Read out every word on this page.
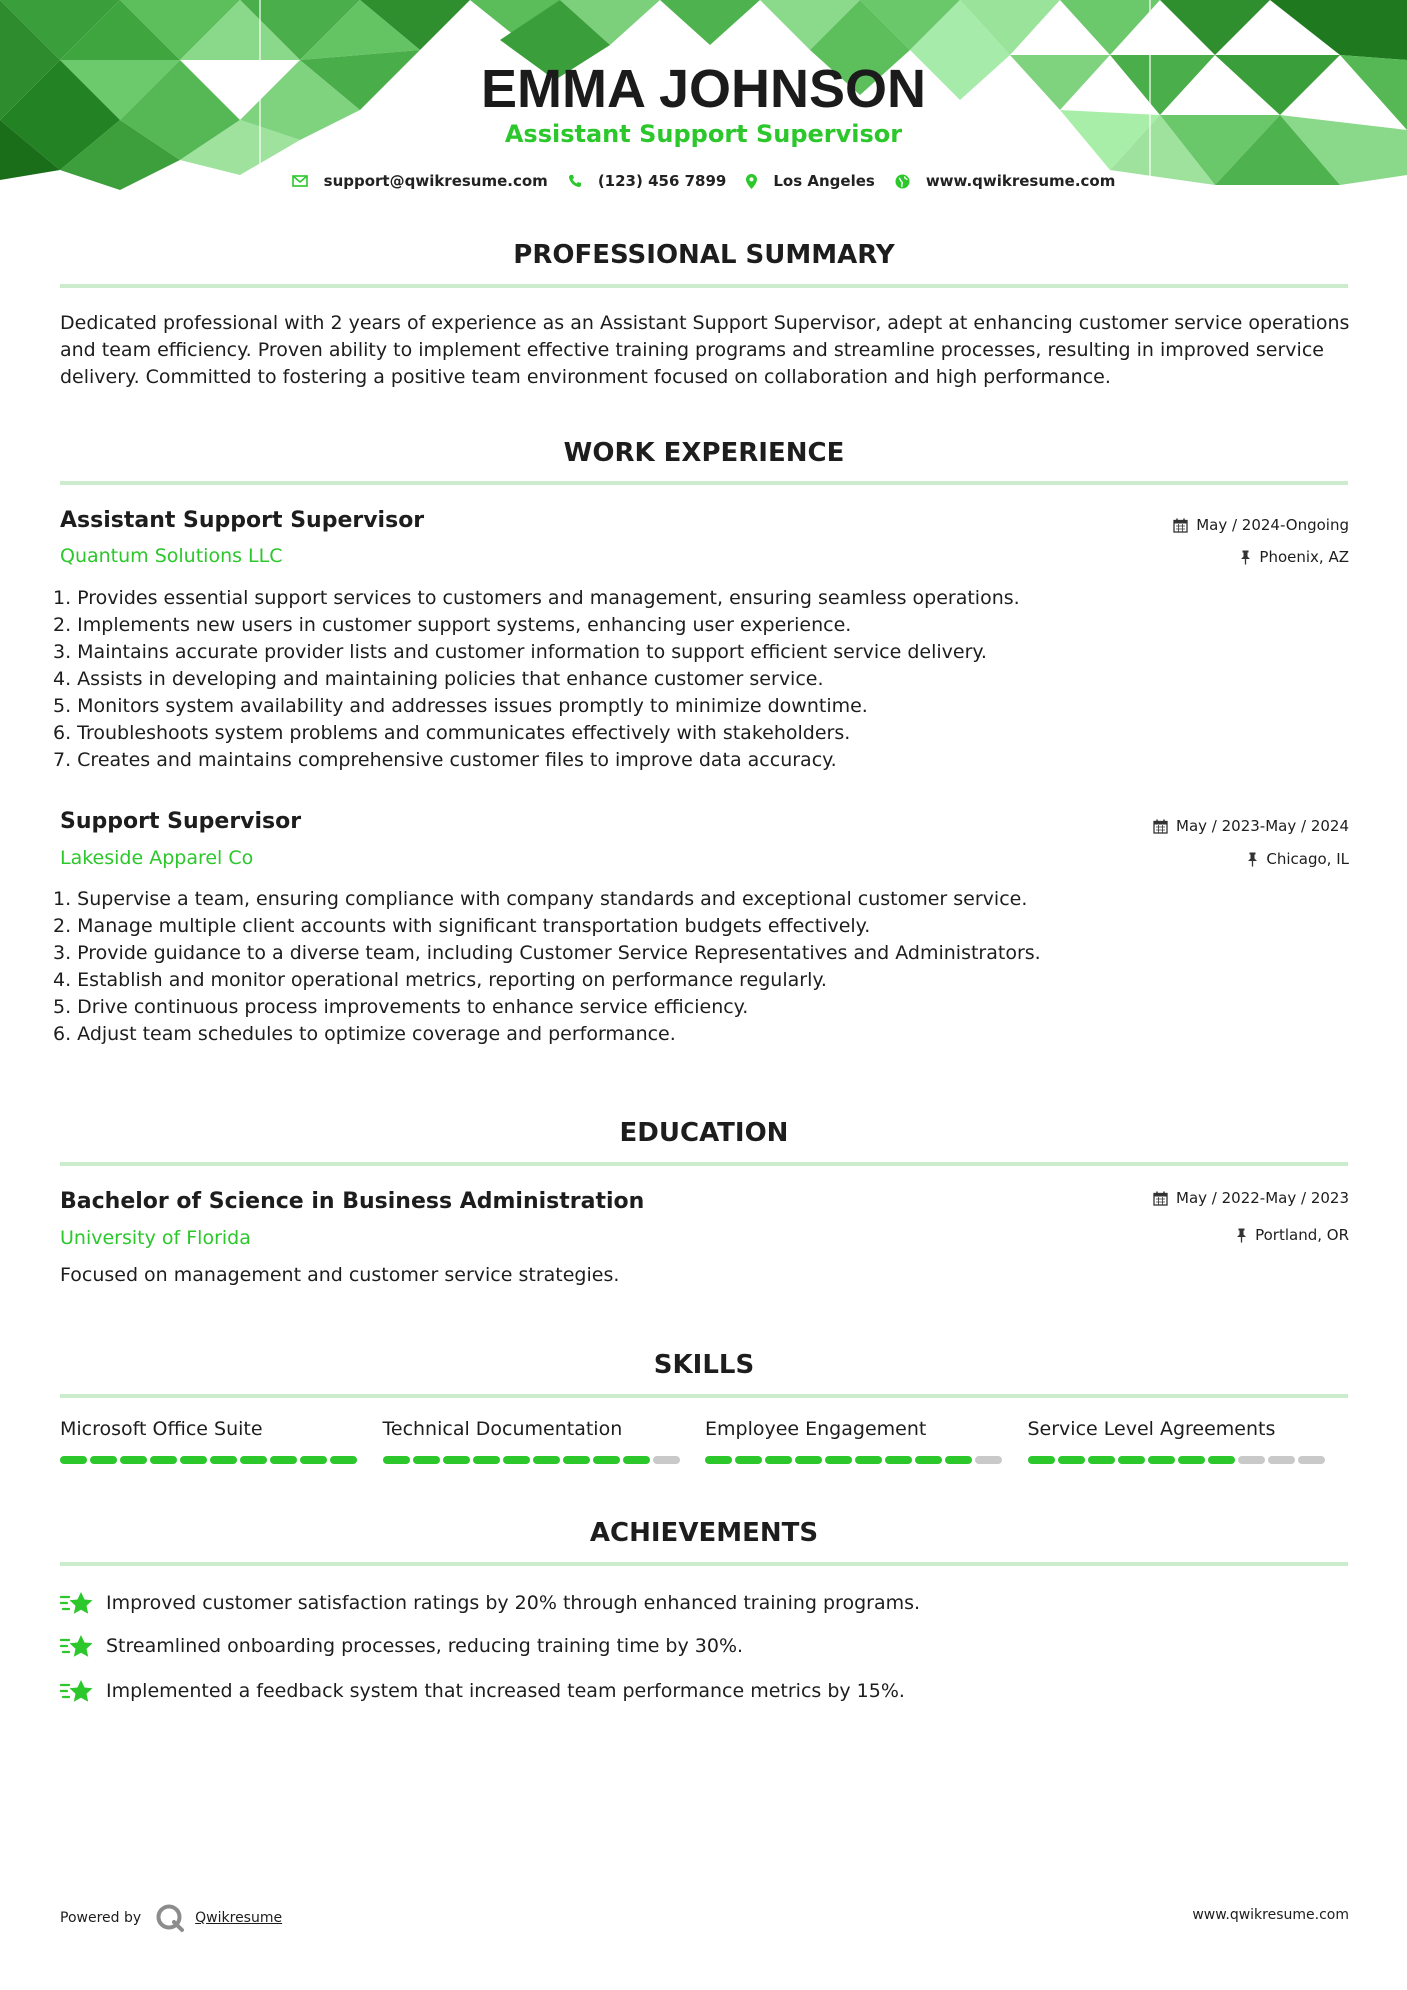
EMMA JOHNSON
Assistant Support Supervisor
support@qwikresume.com	(123) 456 7899	Los Angeles	www.qwikresume.com
PROFESSIONAL SUMMARY
Dedicated professional with 2 years of experience as an Assistant Support Supervisor, adept at enhancing customer service operations and team efficiency. Proven ability to implement effective training programs and streamline processes, resulting in improved service delivery. Committed to fostering a positive team environment focused on collaboration and high performance.
WORK EXPERIENCE
Assistant Support Supervisor
Quantum Solutions LLC
May / 2024-Ongoing
Phoenix, AZ
1. Provides essential support services to customers and management, ensuring seamless operations.
2. Implements new users in customer support systems, enhancing user experience.
3. Maintains accurate provider lists and customer information to support efficient service delivery.
4. Assists in developing and maintaining policies that enhance customer service.
5. Monitors system availability and addresses issues promptly to minimize downtime.
6. Troubleshoots system problems and communicates effectively with stakeholders.
7. Creates and maintains comprehensive customer files to improve data accuracy.
Support Supervisor
Lakeside Apparel Co
May / 2023-May / 2024
Chicago, IL
1. Supervise a team, ensuring compliance with company standards and exceptional customer service.
2. Manage multiple client accounts with significant transportation budgets effectively.
3. Provide guidance to a diverse team, including Customer Service Representatives and Administrators.
4. Establish and monitor operational metrics, reporting on performance regularly.
5. Drive continuous process improvements to enhance service efficiency.
6. Adjust team schedules to optimize coverage and performance.
EDUCATION
Bachelor of Science in Business Administration
University of Florida
May / 2022-May / 2023
Portland, OR
Focused on management and customer service strategies.
SKILLS
Microsoft Office Suite	Technical Documentation	Employee Engagement	Service Level Agreements
ACHIEVEMENTS
Improved customer satisfaction ratings by 20% through enhanced training programs.
Streamlined onboarding processes, reducing training time by 30%.
Implemented a feedback system that increased team performance metrics by 15%.
Powered by	Qwikresume	www.qwikresume.com
